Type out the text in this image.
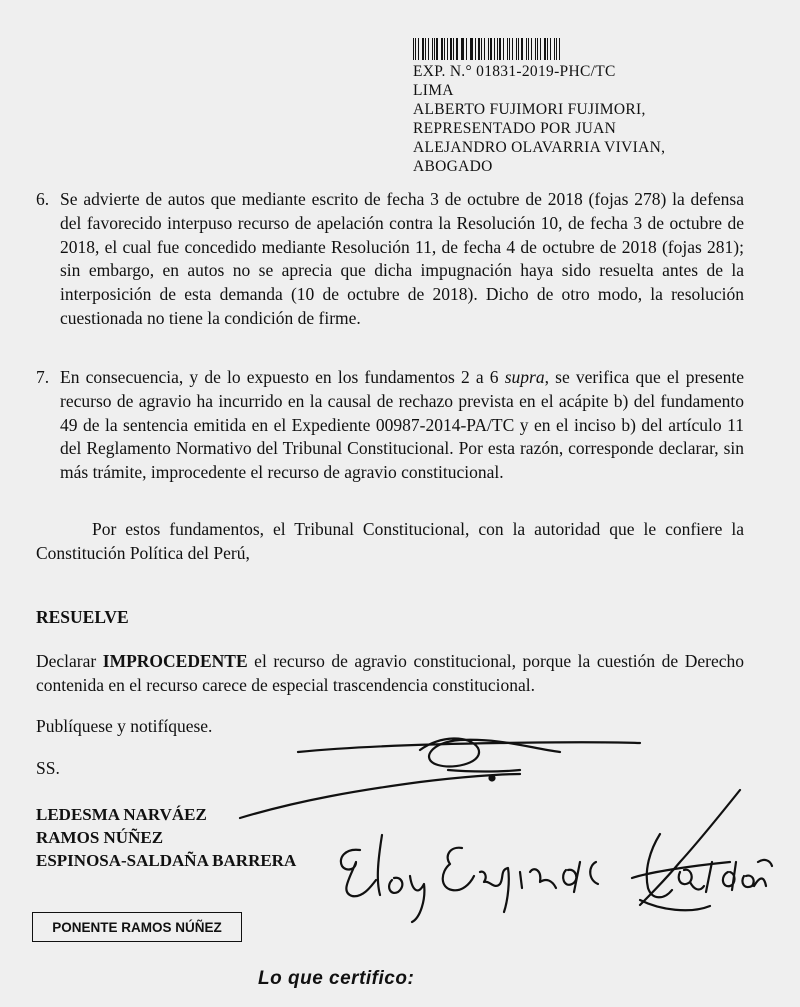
EXP. N.° 01831-2019-PHC/TC
LIMA
ALBERTO FUJIMORI FUJIMORI,
REPRESENTADO POR JUAN
ALEJANDRO OLAVARRIA VIVIAN,
ABOGADO
6. Se advierte de autos que mediante escrito de fecha 3 de octubre de 2018 (fojas 278) la defensa del favorecido interpuso recurso de apelación contra la Resolución 10, de fecha 3 de octubre de 2018, el cual fue concedido mediante Resolución 11, de fecha 4 de octubre de 2018 (fojas 281); sin embargo, en autos no se aprecia que dicha impugnación haya sido resuelta antes de la interposición de esta demanda (10 de octubre de 2018). Dicho de otro modo, la resolución cuestionada no tiene la condición de firme.
7. En consecuencia, y de lo expuesto en los fundamentos 2 a 6 supra, se verifica que el presente recurso de agravio ha incurrido en la causal de rechazo prevista en el acápite b) del fundamento 49 de la sentencia emitida en el Expediente 00987-2014-PA/TC y en el inciso b) del artículo 11 del Reglamento Normativo del Tribunal Constitucional. Por esta razón, corresponde declarar, sin más trámite, improcedente el recurso de agravio constitucional.
Por estos fundamentos, el Tribunal Constitucional, con la autoridad que le confiere la Constitución Política del Perú,
RESUELVE
Declarar IMPROCEDENTE el recurso de agravio constitucional, porque la cuestión de Derecho contenida en el recurso carece de especial trascendencia constitucional.
Publíquese y notifíquese.
SS.
LEDESMA NARVÁEZ
RAMOS NÚÑEZ
ESPINOSA-SALDAÑA BARRERA
PONENTE RAMOS NÚÑEZ
Lo que certifico:
